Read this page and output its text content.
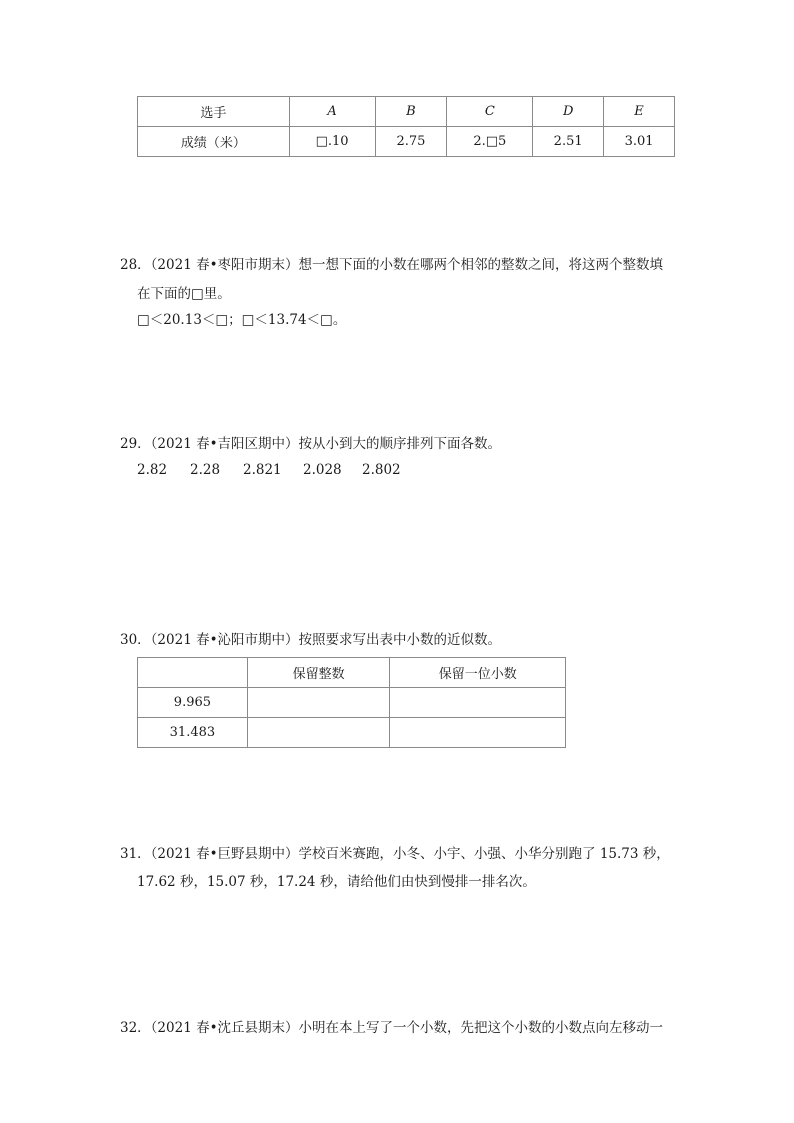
选手	A	B	C	D	E
成绩（米）	□.10	2.75	2.□5	2.51	3.01
28．（2021 春•枣阳市期末）想一想下面的小数在哪两个相邻的整数之间，将这两个整数填
在下面的□里。
□＜20.13＜□；□＜13.74＜□。
29．（2021 春•吉阳区期中）按从小到大的顺序排列下面各数。
2.82 2.28 2.821 2.028 2.802
30．（2021 春•沁阳市期中）按照要求写出表中小数的近似数。
	保留整数	保留一位小数
9.965		
31.483		
31．（2021 春•巨野县期中）学校百米赛跑，小冬、小宇、小强、小华分别跑了 15.73 秒，
17.62 秒，15.07 秒，17.24 秒，请给他们由快到慢排一排名次。
32．（2021 春•沈丘县期末）小明在本上写了一个小数，先把这个小数的小数点向左移动一
